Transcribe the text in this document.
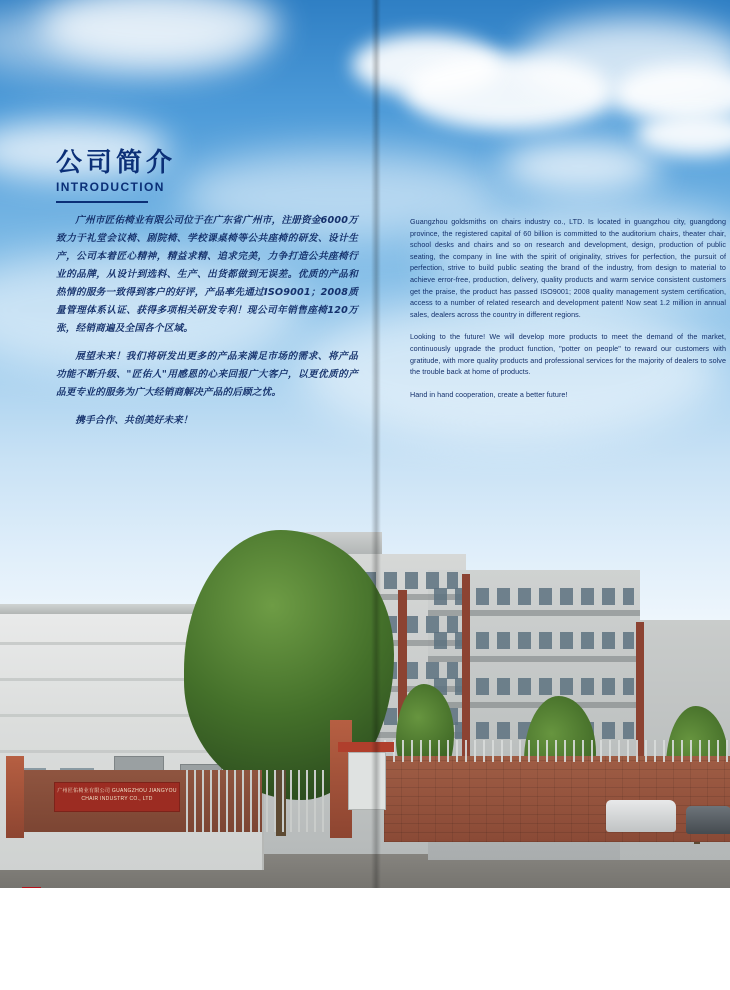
广州匠佑椅业有限公司 GUANGZHOU JIANGYOU CHAIR INDUSTRY CO., LTD
公司简介
INTRODUCTION

广州市匠佑椅业有限公司位于在广东省广州市，注册资金6000万致力于礼堂会议椅、剧院椅、学校课桌椅等公共座椅的研发、设计生产，公司本着匠心精神，精益求精、追求完美，力争打造公共座椅行业的品牌，从设计到选料、生产、出货都做到无误差。优质的产品和热情的服务一致得到客户的好评，产品率先通过ISO9001；2008质量管理体系认证、获得多项相关研发专利！现公司年销售座椅120万张，经销商遍及全国各个区域。

展望未来！我们将研发出更多的产品来满足市场的需求、将产品功能不断升级、"匠佑人"用感恩的心来回报广大客户，以更优质的产品更专业的服务为广大经销商解决产品的后顾之忧。

携手合作、共创美好未来！

Guangzhou goldsmiths on chairs industry co., LTD. Is located in guangzhou city, guangdong province, the registered capital of 60 billion is committed to the auditorium chairs, theater chair, school desks and chairs and so on research and development, design, production of public seating, the company in line with the spirit of originality, strives for perfection, the pursuit of perfection, strive to build public seating the brand of the industry, from design to material to achieve error-free, production, delivery, quality products and warm service consistent customers get the praise, the product has passed ISO9001; 2008 quality management system certification, access to a number of related research and development patent! Now seat 1.2 million in annual sales, dealers across the country in different regions.

Looking to the future! We will develop more products to meet the demand of the market, continuously upgrade the product function, "potter on people" to reward our customers with gratitude, with more quality products and professional services for the majority of dealers to solve the trouble back at home of products.

Hand in hand cooperation, create a better future!
